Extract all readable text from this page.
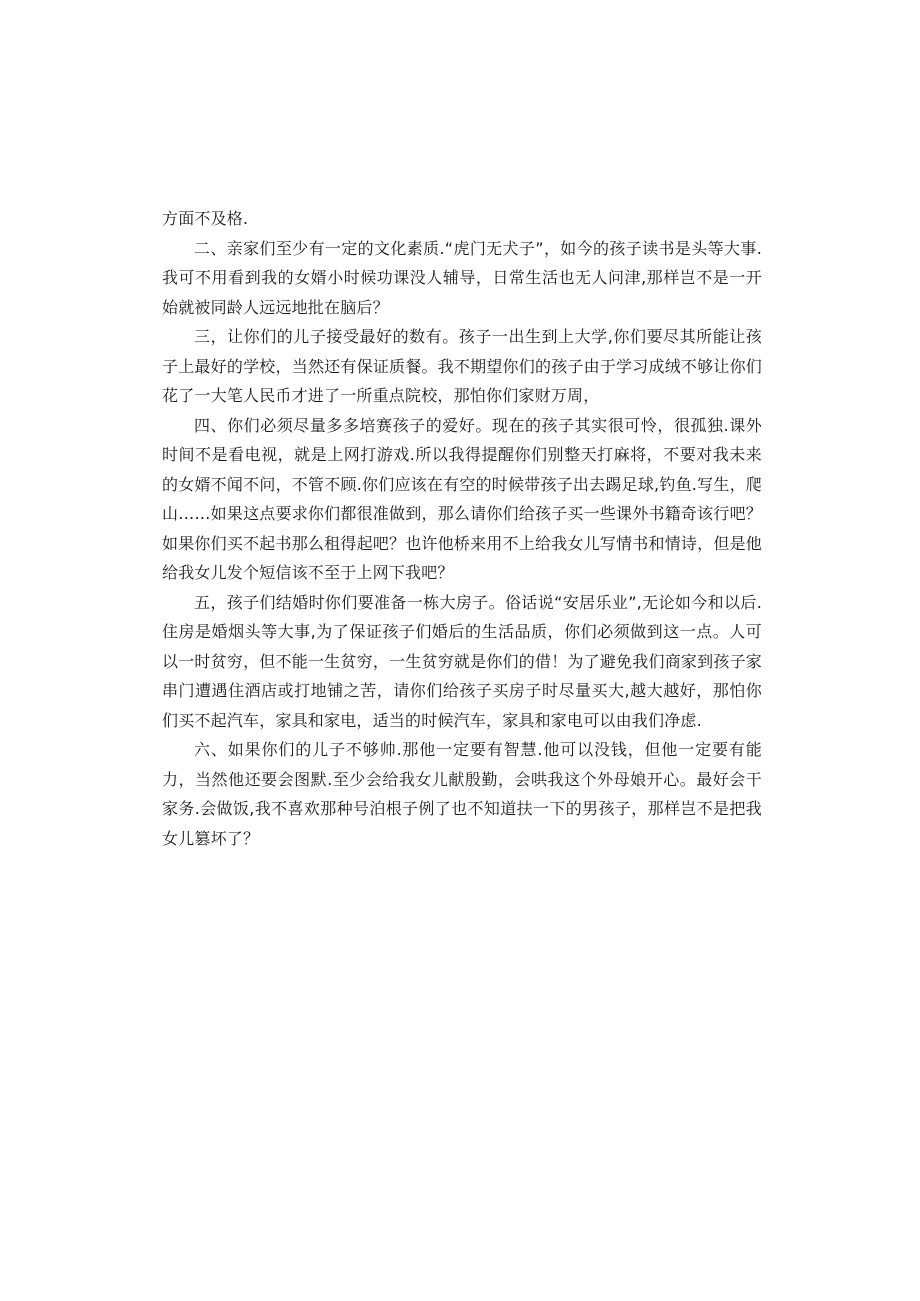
方面不及格.

二、亲家们至少有一定的文化素质.“虎门无犬子”，如今的孩子读书是头等大事.我可不用看到我的女婿小时候功课没人辅导，日常生活也无人问津,那样岂不是一开始就被同龄人远远地批在脑后？

三，让你们的儿子接受最好的数有。孩子一出生到上大学,你们要尽其所能让孩子上最好的学校，当然还有保证质餐。我不期望你们的孩子由于学习成绒不够让你们花了一大笔人民币才进了一所重点院校，那怕你们家财万周，

四、你们必须尽量多多培赛孩子的爱好。现在的孩子其实很可怜，很孤独.课外时间不是看电视，就是上网打游戏.所以我得提醒你们别整天打麻将，不要对我未来的女婿不闻不问，不管不顾.你们应该在有空的时候带孩子出去踢足球,钓鱼.写生，爬山……如果这点要求你们都很准做到，那么请你们给孩子买一些课外书籍奇该行吧？如果你们买不起书那么租得起吧？也许他桥来用不上给我女儿写情书和情诗，但是他给我女儿发个短信该不至于上网下我吧？

五，孩子们结婚时你们要准备一栋大房子。俗话说“安居乐业”,无论如今和以后.住房是婚烟头等大事,为了保证孩子们婚后的生活品质，你们必须做到这一点。人可以一时贫穷，但不能一生贫穷，一生贫穷就是你们的借！为了避免我们商家到孩子家串门遭遇住酒店或打地铺之苦，请你们给孩子买房子时尽量买大,越大越好，那怕你们买不起汽车，家具和家电，适当的时候汽车，家具和家电可以由我们净虑.

六、如果你们的儿子不够帅.那他一定要有智慧.他可以没钱，但他一定要有能力，当然他还要会图默.至少会给我女儿献殷勤，会哄我这个外母娘开心。最好会干家务.会做饭,我不喜欢那种号泊根子例了也不知道扶一下的男孩子，那样岂不是把我女儿篡坏了？
